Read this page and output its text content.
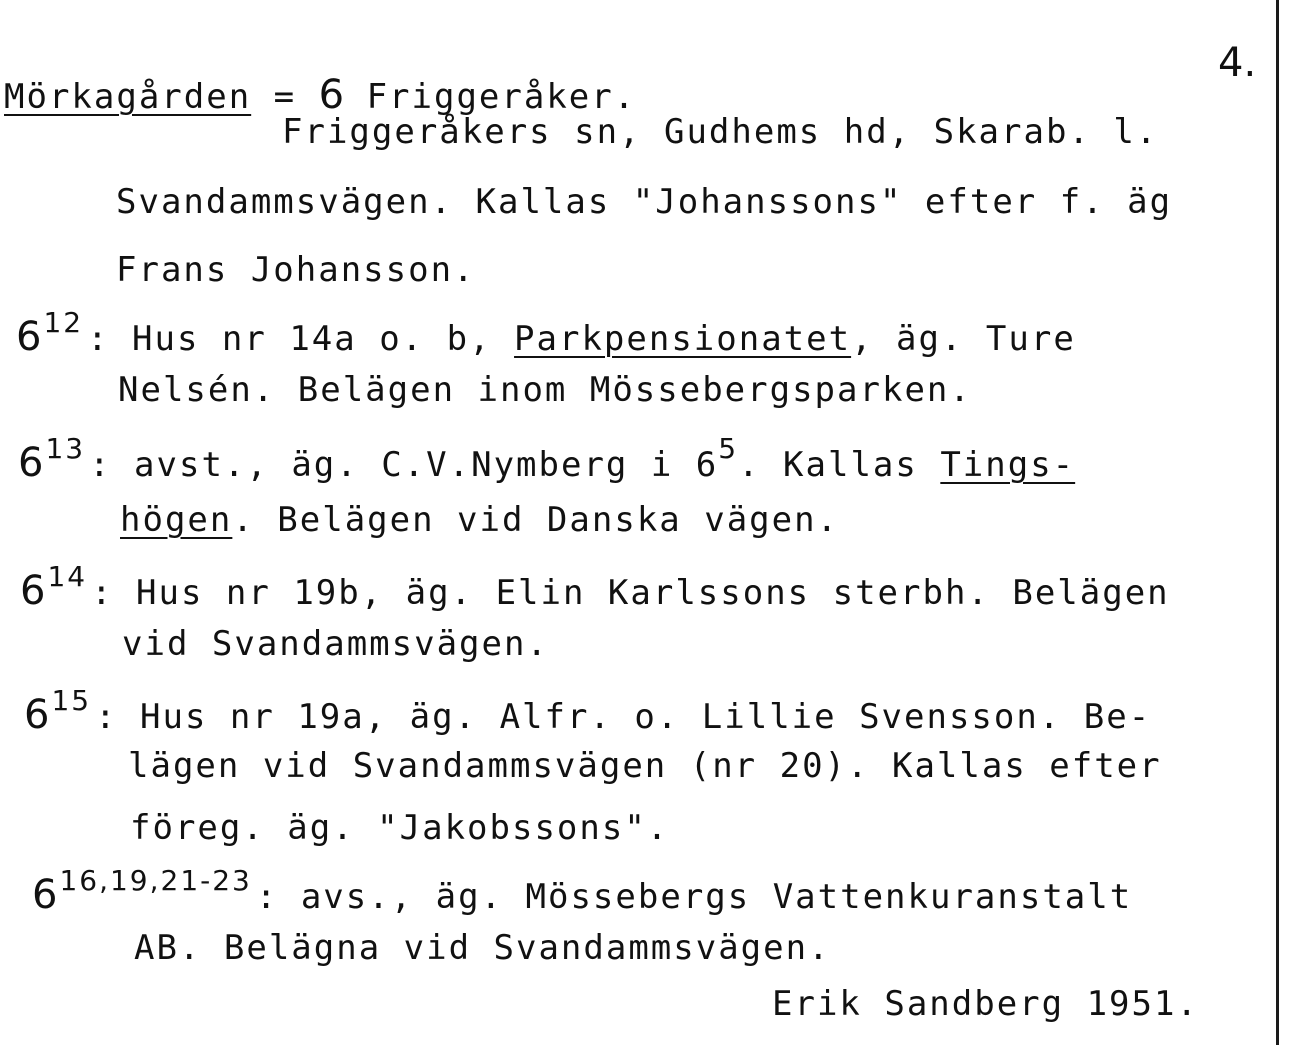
4.
Mörkagården = 6 Friggeråker.
Friggeråkers sn, Gudhems hd, Skarab. l.
Svandammsvägen. Kallas "Johanssons" efter f. äg
Frans Johansson.
$6^{12}$ : Hus nr 14a o. b, Parkpensionatet, äg. Ture
Nelsén. Belägen inom Mössebergsparken.
$6^{13}$ : avst., äg. C.V.Nymberg i $6^5$. Kallas Tings-
högen. Belägen vid Danska vägen.
$6^{14}$ : Hus nr 19b, äg. Elin Karlssons sterbh. Belägen
vid Svandammsvägen.
$6^{15}$ : Hus nr 19a, äg. Alfr. o. Lillie Svensson. Be-
lägen vid Svandammsvägen (nr 20). Kallas efter
föreg. äg. "Jakobssons".
6$^{16,19,21-23}$ : avs., äg. Mössebergs Vattenkuranstalt
AB. Belägna vid Svandammsvägen.
Erik Sandberg 1951.
